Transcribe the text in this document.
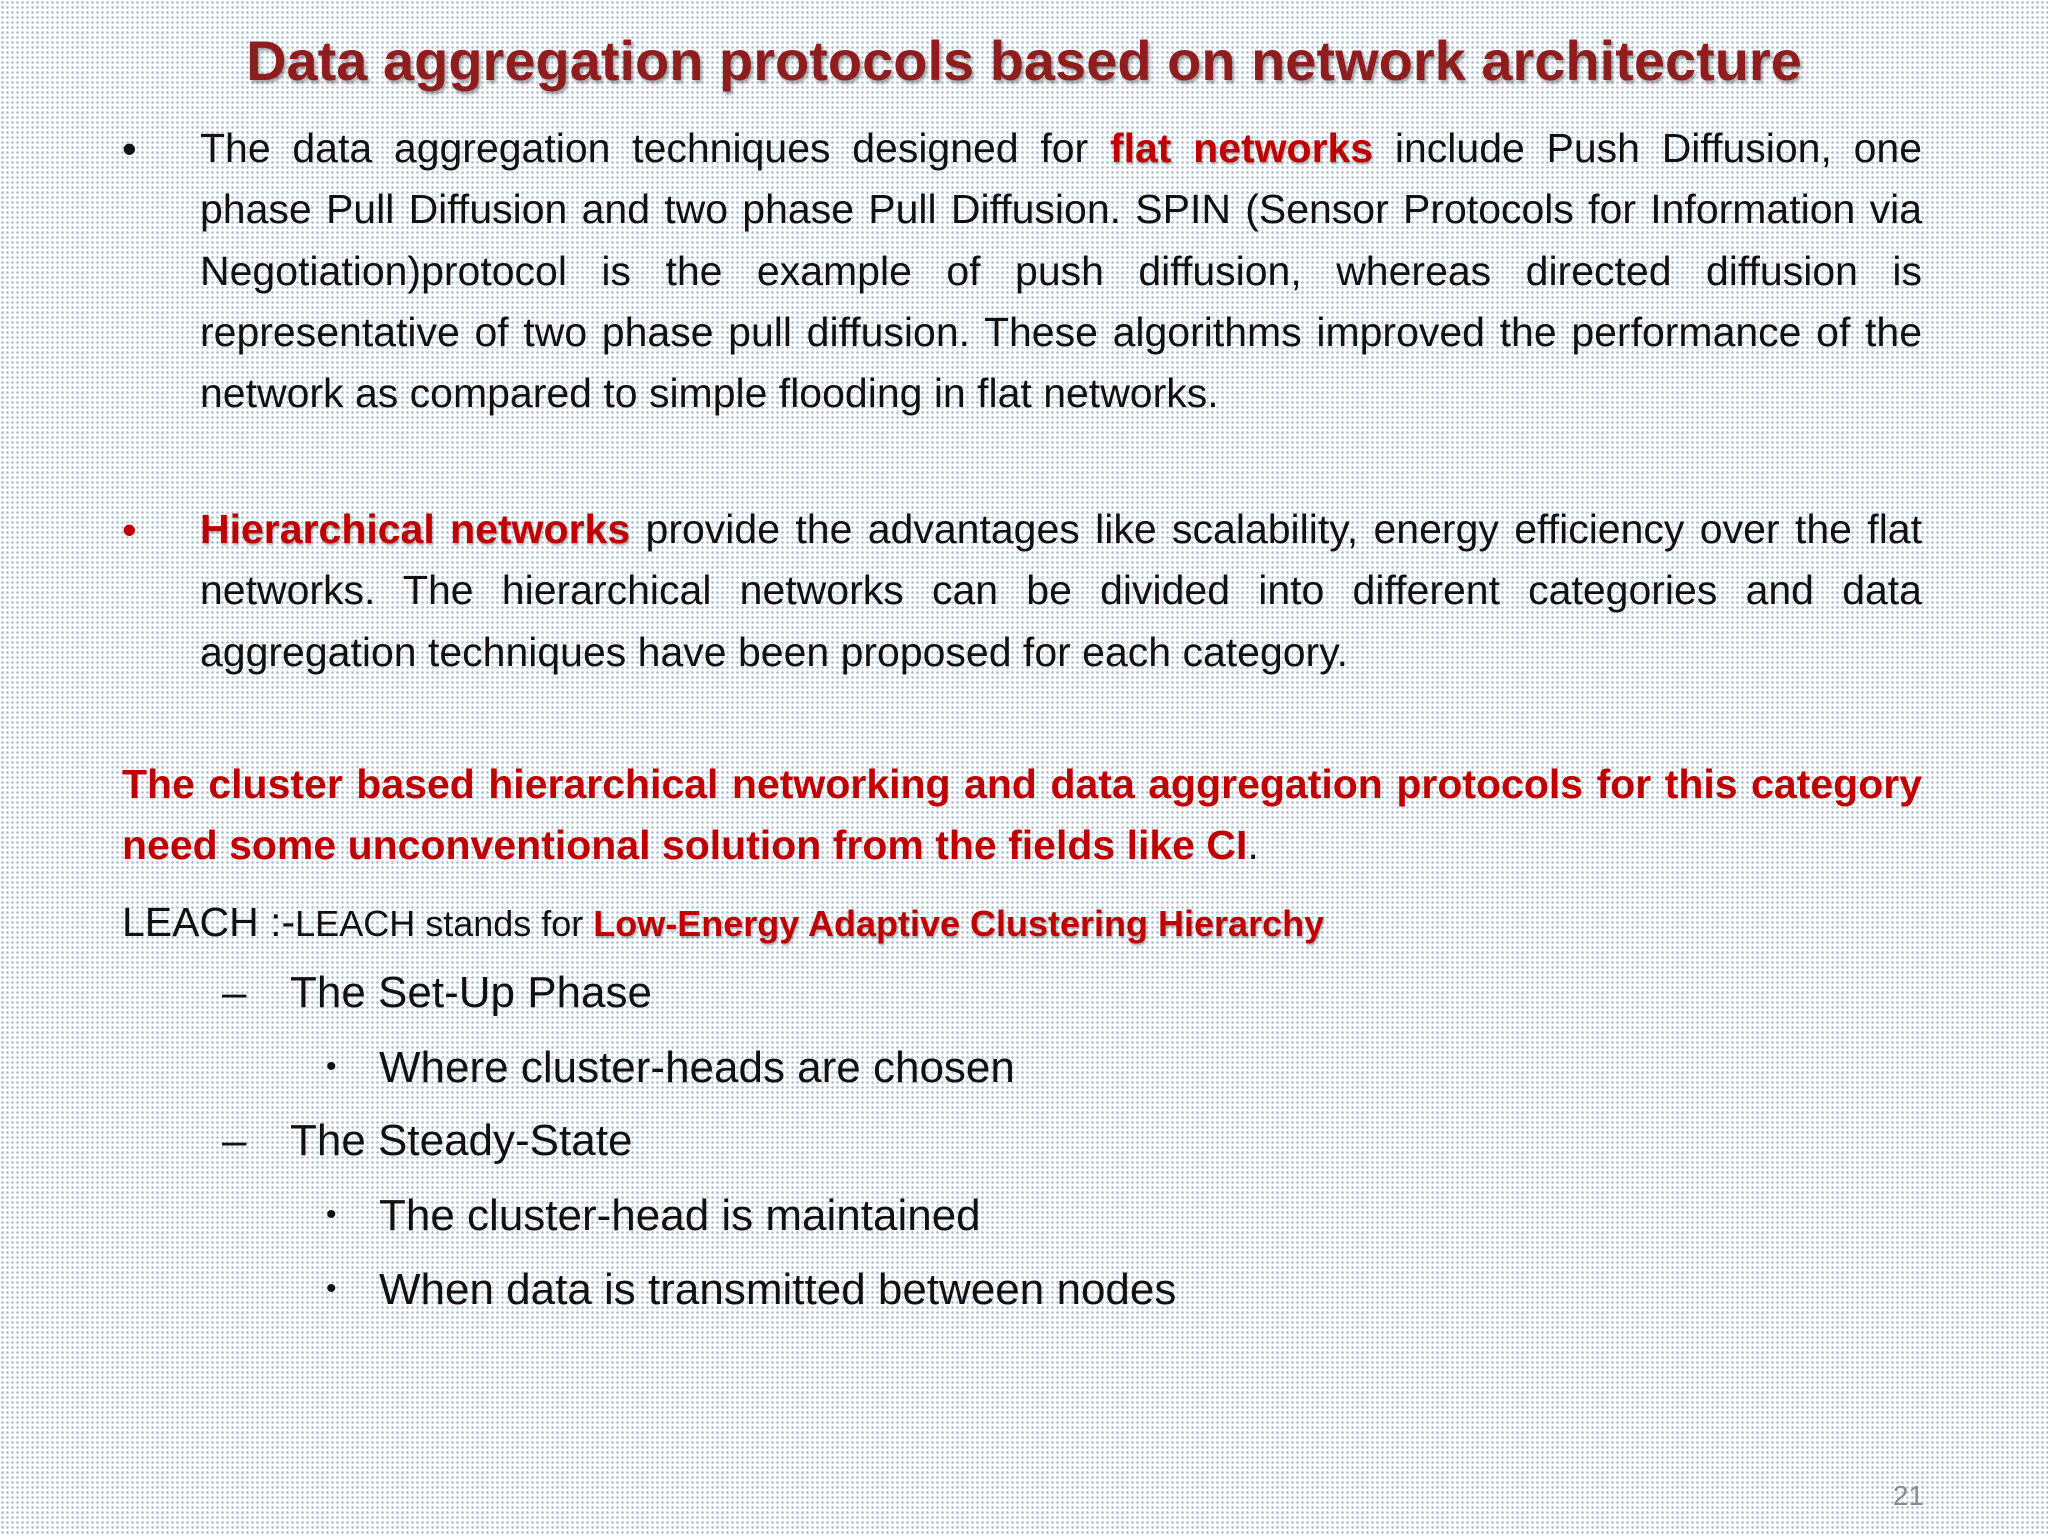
Data aggregation protocols based on network architecture
• The data aggregation techniques designed for flat networks include Push Diffusion, one phase Pull Diffusion and two phase Pull Diffusion. SPIN (Sensor Protocols for Information via Negotiation)protocol is the example of push diffusion, whereas directed diffusion is representative of two phase pull diffusion. These algorithms improved the performance of the network as compared to simple flooding in flat networks.
• Hierarchical networks provide the advantages like scalability, energy efficiency over the flat networks. The hierarchical networks can be divided into different categories and data aggregation techniques have been proposed for each category.
The cluster based hierarchical networking and data aggregation protocols for this category need some unconventional solution from the fields like CI.
LEACH :-LEACH stands for Low-Energy Adaptive Clustering Hierarchy
– The Set-Up Phase
• Where cluster-heads are chosen
– The Steady-State
• The cluster-head is maintained
• When data is transmitted between nodes
21
